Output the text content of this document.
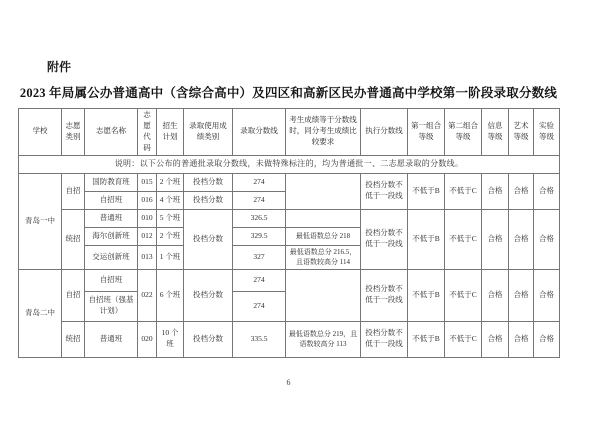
附件
2023 年局属公办普通高中（含综合高中）及四区和高新区民办普通高中学校第一阶段录取分数线
学校	志愿类别	志愿名称	志愿代码	招生计划	录取使用成绩类别	录取分数线	考生成绩等于分数线时，同分考生成绩比较要求	执行分数线	第一组合等级	第二组合等级	信息等级	艺术等级	实验等级
说明：以下公布的普通批录取分数线，未做特殊标注的，均为普通批一、二志愿录取的分数线。													
青岛一中	自招	国防教育班	015	2 个班	投档分数	274		投档分数不低于一段线	不低于B	不低于C	合格	合格	合格
		自招班	016	4 个班	投档分数	274							
	统招	普通班	010	5 个班	投档分数	326.5		投档分数不低于一段线	不低于B	不低于C	合格	合格	合格
		海尔创新班	012	2 个班		329.5	最低语数总分 218						
		交运创新班	013	1 个班		327	最低语数总分 216.5，且语数较高分 114						
青岛二中	自招	自招班	022	6 个班	投档分数	274		投档分数不低于一段线	不低于B	不低于C	合格	合格	合格
		自招班（强基计划）				274							
	统招	普通班	020	10 个班	投档分数	335.5	最低语数总分 219，且语数较高分 113	投档分数不低于一段线	不低于B	不低于C	合格	合格	合格
6
